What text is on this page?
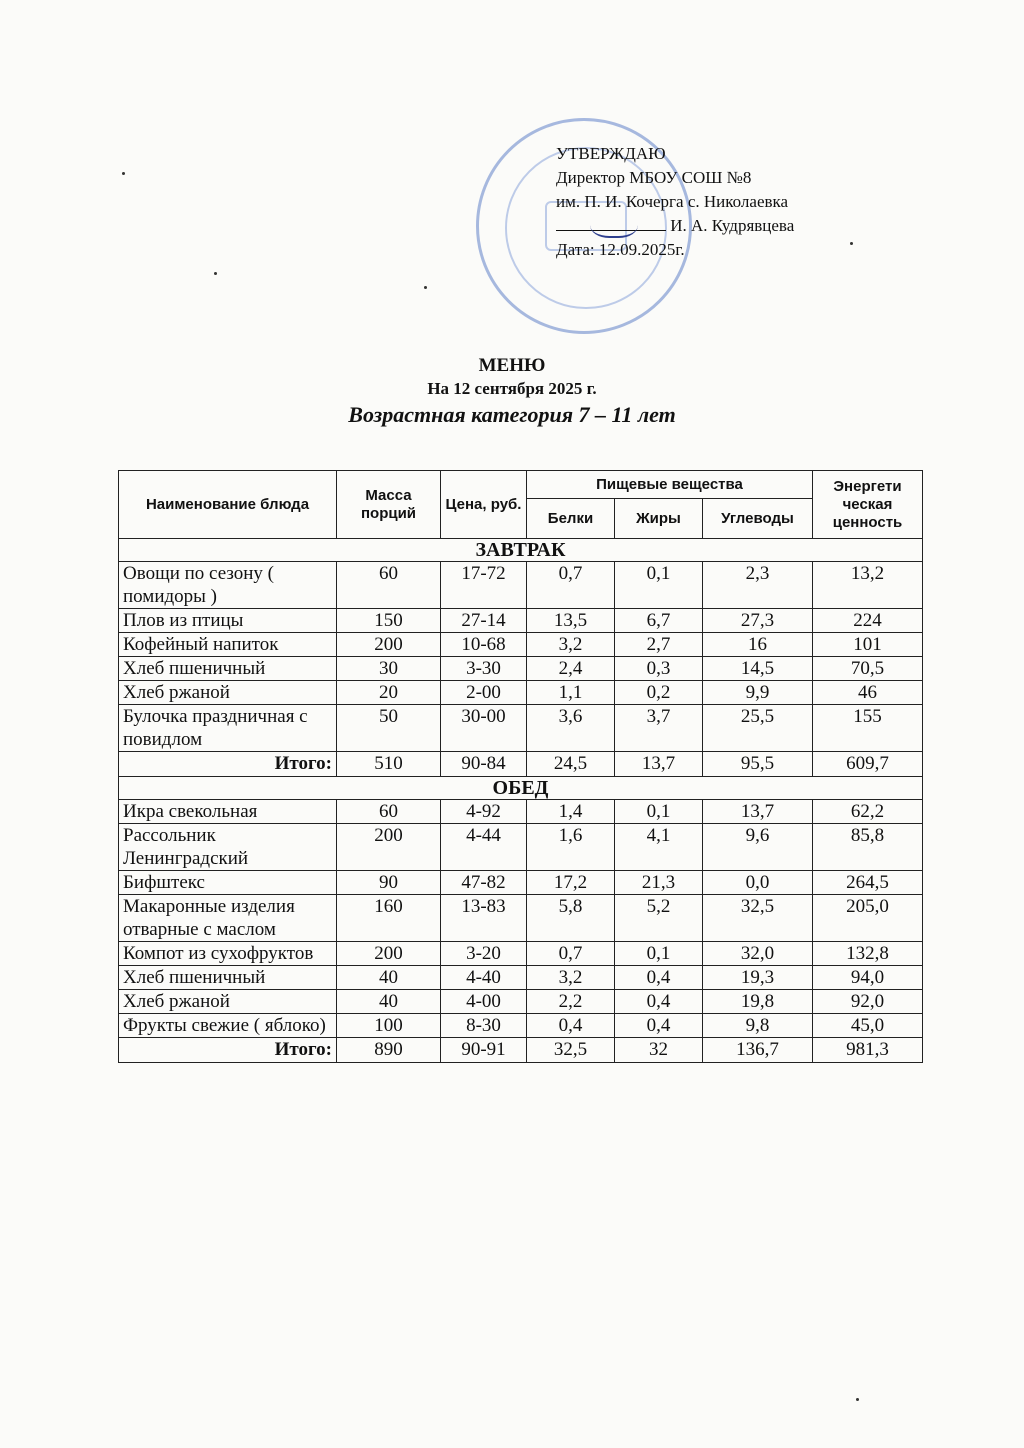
УТВЕРЖДАЮ
Директор МБОУ СОШ №8
им. П. И. Кочерга с. Николаевка
И. А. Кудрявцева
Дата: 12.09.2025г.
МЕНЮ
На 12 сентября 2025 г.
Возрастная категория 7 – 11 лет
Наименование блюда	Масса порций	Цена, руб.	Пищевые вещества			Энергети ческая ценность
			Белки	Жиры	Углеводы	
ЗАВТРАК						
Овощи по сезону ( помидоры )	60	17-72	0,7	0,1	2,3	13,2
Плов из птицы	150	27-14	13,5	6,7	27,3	224
Кофейный напиток	200	10-68	3,2	2,7	16	101
Хлеб пшеничный	30	3-30	2,4	0,3	14,5	70,5
Хлеб ржаной	20	2-00	1,1	0,2	9,9	46
Булочка праздничная с повидлом	50	30-00	3,6	3,7	25,5	155
Итого:	510	90-84	24,5	13,7	95,5	609,7
ОБЕД						
Икра свекольная	60	4-92	1,4	0,1	13,7	62,2
Рассольник Ленинградский	200	4-44	1,6	4,1	9,6	85,8
Бифштекс	90	47-82	17,2	21,3	0,0	264,5
Макаронные изделия отварные с маслом	160	13-83	5,8	5,2	32,5	205,0
Компот из сухофруктов	200	3-20	0,7	0,1	32,0	132,8
Хлеб пшеничный	40	4-40	3,2	0,4	19,3	94,0
Хлеб ржаной	40	4-00	2,2	0,4	19,8	92,0
Фрукты свежие ( яблоко)	100	8-30	0,4	0,4	9,8	45,0
Итого:	890	90-91	32,5	32	136,7	981,3
